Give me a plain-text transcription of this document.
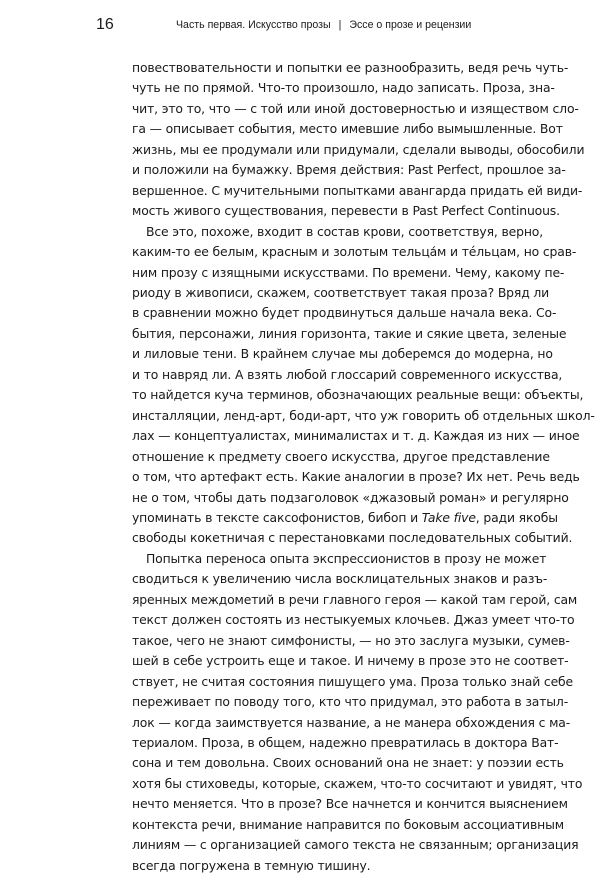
16	Часть первая. Искусство прозы | Эссе о прозе и рецензии

повествовательности и попытки ее разнообразить, ведя речь чуть-
чуть не по прямой. Что-то произошло, надо записать. Проза, зна-
чит, это то, что — с той или иной достоверностью и изяществом сло-
га — описывает события, место имевшие либо вымышленные. Вот
жизнь, мы ее продумали или придумали, сделали выводы, обособили
и положили на бумажку. Время действия: Past Perfect, прошлое за-
вершенное. С мучительными попытками авангарда придать ей види-
мость живого существования, перевести в Past Perfect Continuous.

Все это, похоже, входит в состав крови, соответствуя, верно,
каким-то ее белым, красным и золотым тельца́м и тéльцам, но срав-
ним прозу с изящными искусствами. По времени. Чему, какому пе-
риоду в живописи, скажем, соответствует такая проза? Вряд ли
в сравнении можно будет продвинуться дальше начала века. Со-
бытия, персонажи, линия горизонта, такие и сякие цвета, зеленые
и лиловые тени. В крайнем случае мы доберемся до модерна, но
и то навряд ли. А взять любой глоссарий современного искусства,
то найдется куча терминов, обозначающих реальные вещи: объекты,
инсталляции, ленд-арт, боди-арт, что уж говорить об отдельных школ-
лах — концептуалистах, минималистах и т. д. Каждая из них — иное
отношение к предмету своего искусства, другое представление
о том, что артефакт есть. Какие аналогии в прозе? Их нет. Речь ведь
не о том, чтобы дать подзаголовок «джазовый роман» и регулярно
упоминать в тексте саксофонистов, бибоп и Take five, ради якобы
свободы кокетничая с перестановками последовательных событий.

Попытка переноса опыта экспрессионистов в прозу не может
сводиться к увеличению числа восклицательных знаков и разъ-
яренных междометий в речи главного героя — какой там герой, сам
текст должен состоять из нестыкуемых клочьев. Джаз умеет что-то
такое, чего не знают симфонисты, — но это заслуга музыки, сумев-
шей в себе устроить еще и такое. И ничему в прозе это не соответ-
ствует, не считая состояния пишущего ума. Проза только знай себе
переживает по поводу того, кто что придумал, это работа в затыл-
лок — когда заимствуется название, а не манера обхождения с ма-
териалом. Проза, в общем, надежно превратилась в доктора Ват-
сона и тем довольна. Своих оснований она не знает: у поэзии есть
хотя бы стиховеды, которые, скажем, что-то сосчитают и увидят, что
нечто меняется. Что в прозе? Все начнется и кончится выяснением
контекста речи, внимание направится по боковым ассоциативным
линиям — с организацией самого текста не связанным; организация
всегда погружена в темную тишину.
